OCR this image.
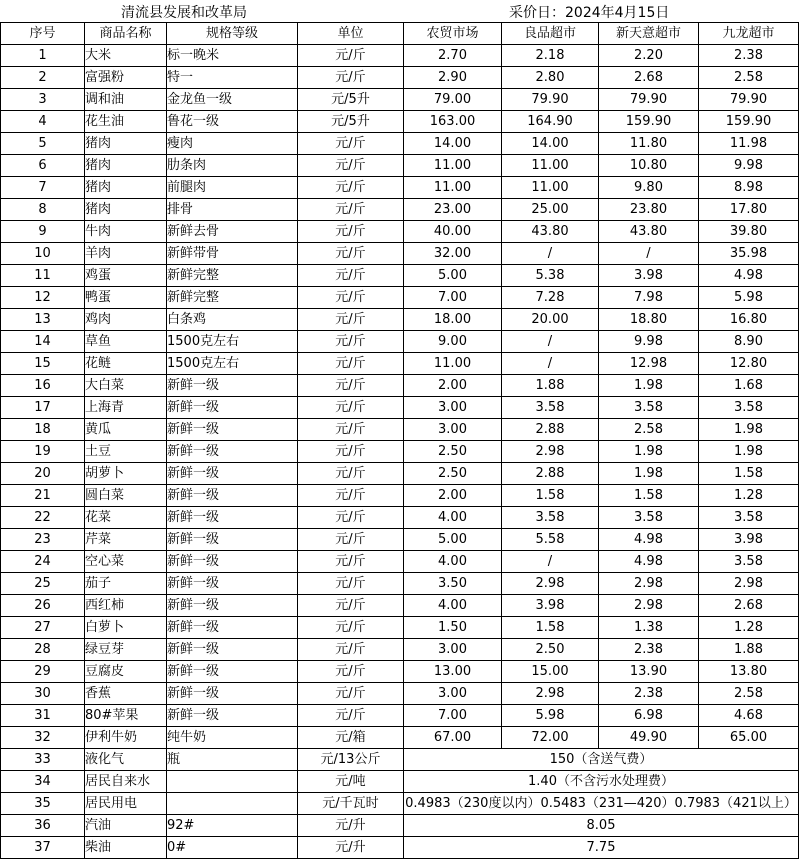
清流县发展和改革局	采价日：2024年4月15日
序号	商品名称	规格等级	单位	农贸市场	良品超市	新天意超市	九龙超市
1	大米	标一晚米	元/斤	2.70	2.18	2.20	2.38
2	富强粉	特一	元/斤	2.90	2.80	2.68	2.58
3	调和油	金龙鱼一级	元/5升	79.00	79.90	79.90	79.90
4	花生油	鲁花一级	元/5升	163.00	164.90	159.90	159.90
5	猪肉	瘦肉	元/斤	14.00	14.00	11.80	11.98
6	猪肉	肋条肉	元/斤	11.00	11.00	10.80	9.98
7	猪肉	前腿肉	元/斤	11.00	11.00	9.80	8.98
8	猪肉	排骨	元/斤	23.00	25.00	23.80	17.80
9	牛肉	新鲜去骨	元/斤	40.00	43.80	43.80	39.80
10	羊肉	新鲜带骨	元/斤	32.00	/	/	35.98
11	鸡蛋	新鲜完整	元/斤	5.00	5.38	3.98	4.98
12	鸭蛋	新鲜完整	元/斤	7.00	7.28	7.98	5.98
13	鸡肉	白条鸡	元/斤	18.00	20.00	18.80	16.80
14	草鱼	1500克左右	元/斤	9.00	/	9.98	8.90
15	花鲢	1500克左右	元/斤	11.00	/	12.98	12.80
16	大白菜	新鲜一级	元/斤	2.00	1.88	1.98	1.68
17	上海青	新鲜一级	元/斤	3.00	3.58	3.58	3.58
18	黄瓜	新鲜一级	元/斤	3.00	2.88	2.58	1.98
19	土豆	新鲜一级	元/斤	2.50	2.98	1.98	1.98
20	胡萝卜	新鲜一级	元/斤	2.50	2.88	1.98	1.58
21	圆白菜	新鲜一级	元/斤	2.00	1.58	1.58	1.28
22	花菜	新鲜一级	元/斤	4.00	3.58	3.58	3.58
23	芹菜	新鲜一级	元/斤	5.00	5.58	4.98	3.98
24	空心菜	新鲜一级	元/斤	4.00	/	4.98	3.58
25	茄子	新鲜一级	元/斤	3.50	2.98	2.98	2.98
26	西红柿	新鲜一级	元/斤	4.00	3.98	2.98	2.68
27	白萝卜	新鲜一级	元/斤	1.50	1.58	1.38	1.28
28	绿豆芽	新鲜一级	元/斤	3.00	2.50	2.38	1.88
29	豆腐皮	新鲜一级	元/斤	13.00	15.00	13.90	13.80
30	香蕉	新鲜一级	元/斤	3.00	2.98	2.38	2.58
31	80#苹果	新鲜一级	元/斤	7.00	5.98	6.98	4.68
32	伊利牛奶	纯牛奶	元/箱	67.00	72.00	49.90	65.00
33	液化气	瓶	元/13公斤	150（含送气费）			
34	居民自来水		元/吨	1.40（不含污水处理费）			
35	居民用电		元/千瓦时	0.4983（230度以内）0.5483（231—420）0.7983（421以上）			
36	汽油	92#	元/升	8.05			
37	柴油	0#	元/升	7.75			
